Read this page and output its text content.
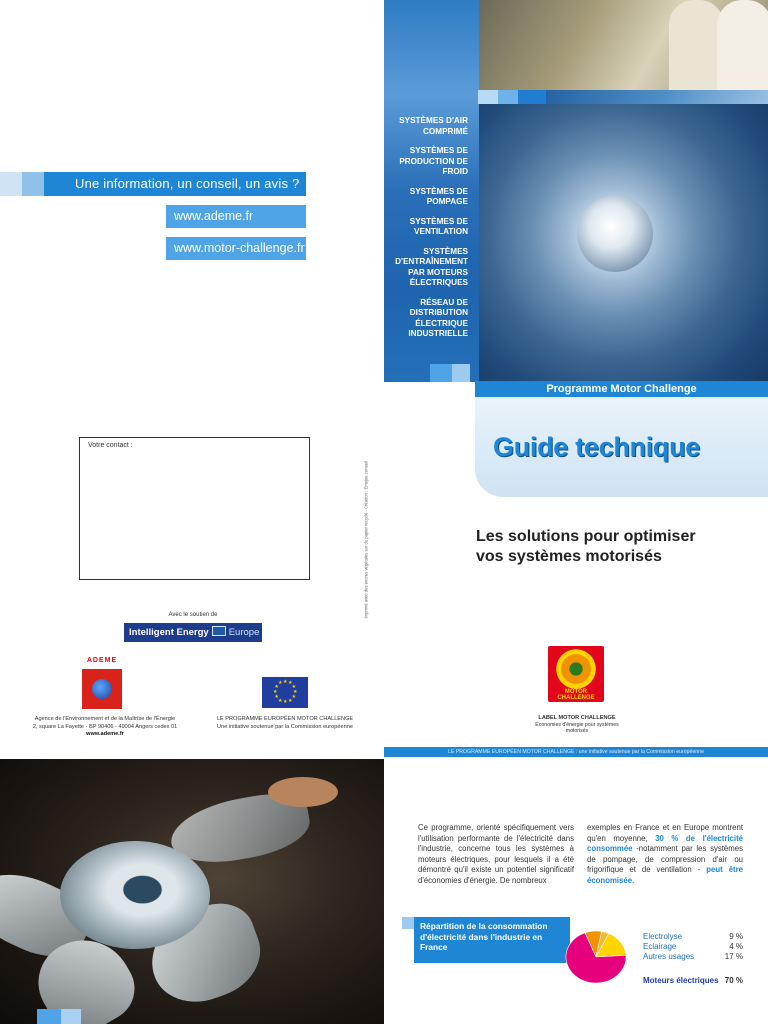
Une information, un conseil, un avis ?
www.ademe.fr
www.motor-challenge.fr
Votre contact :
Imprimé avec des encres végétales sur du papier recyclé - Création : Emojoe.conseil
Avec le soutien de
Intelligent Energy Europe
ADEME
Agence de l'Environnement et de la Maîtrise de l'Énergie
2, square La Fayette - BP 90406 - 49004 Angers cedex 01
www.ademe.fr
★
★
★
★
★
★
★
★
★ ★ ★
★
LE PROGRAMME EUROPÉEN MOTOR CHALLENGE
Une initiative soutenue par la Commission européenne
SYSTÈMES D'AIR COMPRIMÉ
SYSTÈMES DE PRODUCTION DE FROID
SYSTÈMES DE POMPAGE
SYSTÈMES DE VENTILATION
SYSTÈMES D'ENTRAÎNEMENT PAR MOTEURS ÉLECTRIQUES
RÉSEAU DE DISTRIBUTION ÉLECTRIQUE INDUSTRIELLE
Programme Motor Challenge
Guide technique
Les solutions pour optimiser
vos systèmes motorisés
MOTOR CHALLENGE
LABEL MOTOR CHALLENGE
Économies d'énergie pour systèmes motorisés
LE PROGRAMME EUROPÉEN MOTOR CHALLENGE : une initiative soutenue par la Commission européenne
Ce programme, orienté spécifiquement vers l'utilisation performante de l'électricité dans l'industrie, concerne tous les systèmes à moteurs électriques, pour lesquels il a été démontré qu'il existe un potentiel significatif d'économies d'énergie. De nombreux
exemples en France et en Europe montrent qu'en moyenne, 30 % de l'électricité consommée -notamment par les systèmes de pompage, de compression d'air ou frigorifique et de ventilation - peut être économisée.
Répartition de la consommation d'électricité dans l'industrie en France
Electrolyse	9 %
Eclairage	4 %
Autres usages	17 %
Moteurs électriques 70 %
